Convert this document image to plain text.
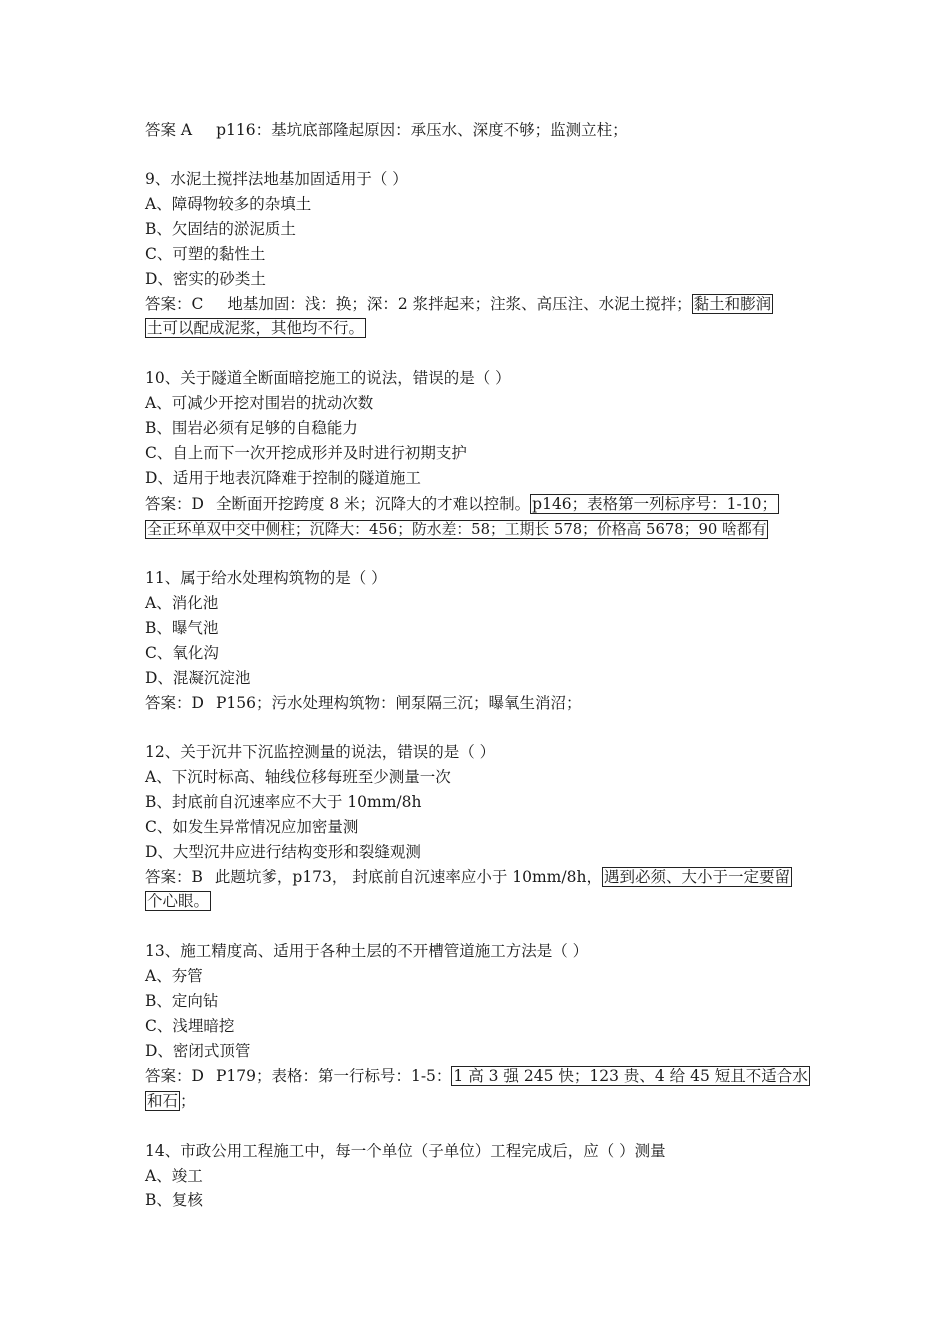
答案 A p116：基坑底部隆起原因：承压水、深度不够；监测立柱；
9、水泥土搅拌法地基加固适用于（ ）
A、障碍物较多的杂填土
B、欠固结的淤泥质土
C、可塑的黏性土
D、密实的砂类土
答案：C 地基加固：浅：换；深：2 浆拌起来；注浆、高压注、水泥土搅拌； 黏土和膨润
土可以配成泥浆，其他均不行。
10、关于隧道全断面暗挖施工的说法，错误的是（ ）
A、可减少开挖对围岩的扰动次数
B、围岩必须有足够的自稳能力
C、自上而下一次开挖成形并及时进行初期支护
D、适用于地表沉降难于控制的隧道施工
答案：D 全断面开挖跨度 8 米；沉降大的才难以控制。 p146；表格第一列标序号：1-10；
全正环单双中交中侧柱；沉降大：456；防水差：58；工期长 578；价格高 5678；90 啥都有
11、属于给水处理构筑物的是（ ）
A、消化池
B、曝气池
C、氧化沟
D、混凝沉淀池
答案：D P156；污水处理构筑物：闸泵隔三沉；曝氧生消沼；
12、关于沉井下沉监控测量的说法，错误的是（ ）
A、下沉时标高、轴线位移每班至少测量一次
B、封底前自沉速率应不大于 10mm/8h
C、如发生异常情况应加密量测
D、大型沉井应进行结构变形和裂缝观测
答案：B 此题坑爹，p173， 封底前自沉速率应小于 10mm/8h， 遇到必须、大小于一定要留
个心眼。
13、施工精度高、适用于各种土层的不开槽管道施工方法是（ ）
A、夯管
B、定向钻
C、浅埋暗挖
D、密闭式顶管
答案：D P179；表格：第一行标号：1-5： 1 高 3 强 245 快；123 贵、4 给 45 短且不适合水
和石 ；
14、市政公用工程施工中，每一个单位（子单位）工程完成后，应（ ）测量
A、竣工
B、复核
